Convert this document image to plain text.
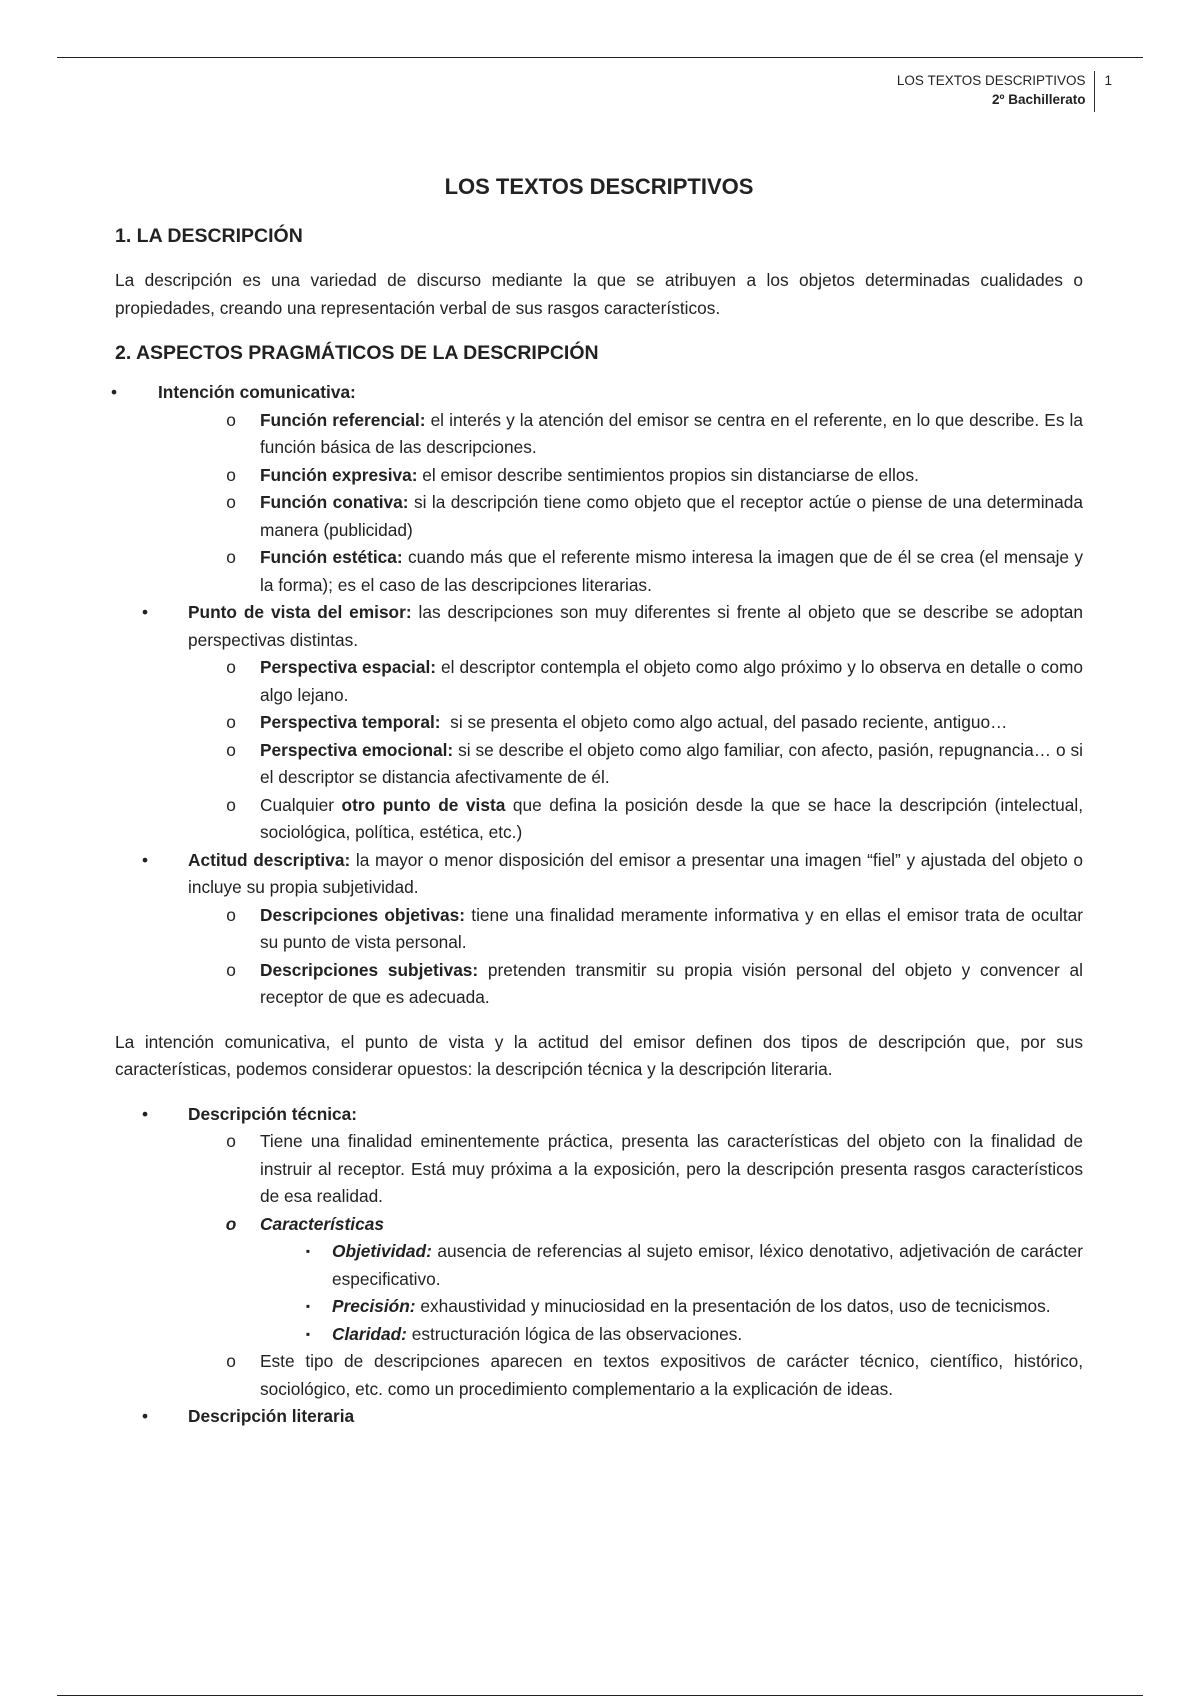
LOS TEXTOS DESCRIPTIVOS
2º Bachillerato
1
LOS TEXTOS DESCRIPTIVOS
1. LA DESCRIPCIÓN

La descripción es una variedad de discurso mediante la que se atribuyen a los objetos determinadas cualidades o propiedades, creando una representación verbal de sus rasgos característicos.

2. ASPECTOS PRAGMÁTICOS DE LA DESCRIPCIÓN
•	Intención comunicativa:
o Función referencial: el interés y la atención del emisor se centra en el referente, en lo que describe. Es la función básica de las descripciones.
o Función expresiva: el emisor describe sentimientos propios sin distanciarse de ellos.
o Función conativa: si la descripción tiene como objeto que el receptor actúe o piense de una determinada manera (publicidad)
o Función estética: cuando más que el referente mismo interesa la imagen que de él se crea (el mensaje y la forma); es el caso de las descripciones literarias.
•	Punto de vista del emisor: las descripciones son muy diferentes si frente al objeto que se describe se adoptan perspectivas distintas.
o Perspectiva espacial: el descriptor contempla el objeto como algo próximo y lo observa en detalle o como algo lejano.
o Perspectiva temporal:  si se presenta el objeto como algo actual, del pasado reciente, antiguo…
o Perspectiva emocional: si se describe el objeto como algo familiar, con afecto, pasión, repugnancia… o si el descriptor se distancia afectivamente de él.
o Cualquier otro punto de vista que defina la posición desde la que se hace la descripción (intelectual, sociológica, política, estética, etc.)
•	Actitud descriptiva: la mayor o menor disposición del emisor a presentar una imagen “fiel” y ajustada del objeto o incluye su propia subjetividad.
o Descripciones objetivas: tiene una finalidad meramente informativa y en ellas el emisor trata de ocultar su punto de vista personal.
o Descripciones subjetivas: pretenden transmitir su propia visión personal del objeto y convencer al receptor de que es adecuada.

La intención comunicativa, el punto de vista y la actitud del emisor definen dos tipos de descripción que, por sus características, podemos considerar opuestos: la descripción técnica y la descripción literaria.

•	Descripción técnica:
o Tiene una finalidad eminentemente práctica, presenta las características del objeto con la finalidad de instruir al receptor. Está muy próxima a la exposición, pero la descripción presenta rasgos característicos de esa realidad.
o Características
▪	Objetividad: ausencia de referencias al sujeto emisor, léxico denotativo, adjetivación de carácter especificativo.
▪	Precisión: exhaustividad y minuciosidad en la presentación de los datos, uso de tecnicismos.
▪	Claridad: estructuración lógica de las observaciones.
o Este tipo de descripciones aparecen en textos expositivos de carácter técnico, científico, histórico, sociológico, etc. como un procedimiento complementario a la explicación de ideas.
•	Descripción literaria
